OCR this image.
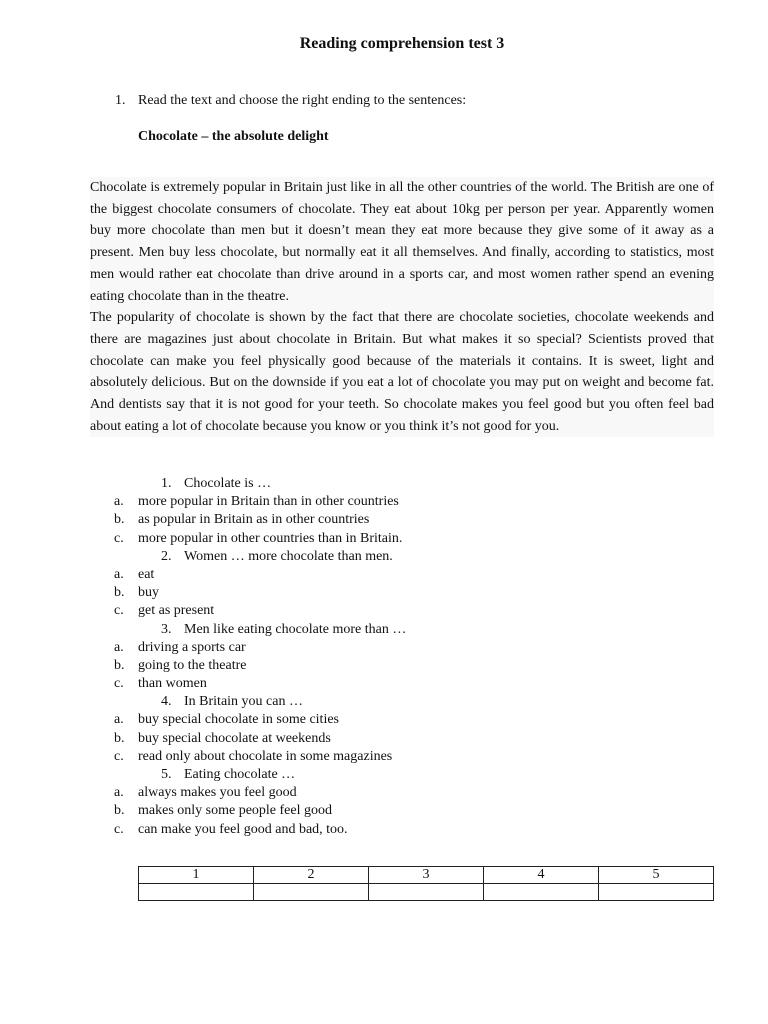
Reading comprehension test 3
1. Read the text and choose the right ending to the sentences:
Chocolate – the absolute delight

Chocolate is extremely popular in Britain just like in all the other countries of the world. The British are one of the biggest chocolate consumers of chocolate. They eat about 10kg per person per year. Apparently women buy more chocolate than men but it doesn’t mean they eat more because they give some of it away as a present. Men buy less chocolate, but normally eat it all themselves. And finally, according to statistics, most men would rather eat chocolate than drive around in a sports car, and most women rather spend an evening eating chocolate than in the theatre.

The popularity of chocolate is shown by the fact that there are chocolate societies, chocolate weekends and there are magazines just about chocolate in Britain. But what makes it so special? Scientists proved that chocolate can make you feel physically good because of the materials it contains. It is sweet, light and absolutely delicious. But on the downside if you eat a lot of chocolate you may put on weight and become fat. And dentists say that it is not good for your teeth. So chocolate makes you feel good but you often feel bad about eating a lot of chocolate because you know or you think it’s not good for you.

1. Chocolate is …
a. more popular in Britain than in other countries
b. as popular in Britain as in other countries
c. more popular in other countries than in Britain.
2. Women … more chocolate than men.
a. eat
b. buy
c. get as present
3. Men like eating chocolate more than …
a. driving a sports car
b. going to the theatre
c. than women
4. In Britain you can …
a. buy special chocolate in some cities
b. buy special chocolate at weekends
c. read only about chocolate in some magazines
5. Eating chocolate …
a. always makes you feel good
b. makes only some people feel good
c. can make you feel good and bad, too.
1	2	3	4	5
